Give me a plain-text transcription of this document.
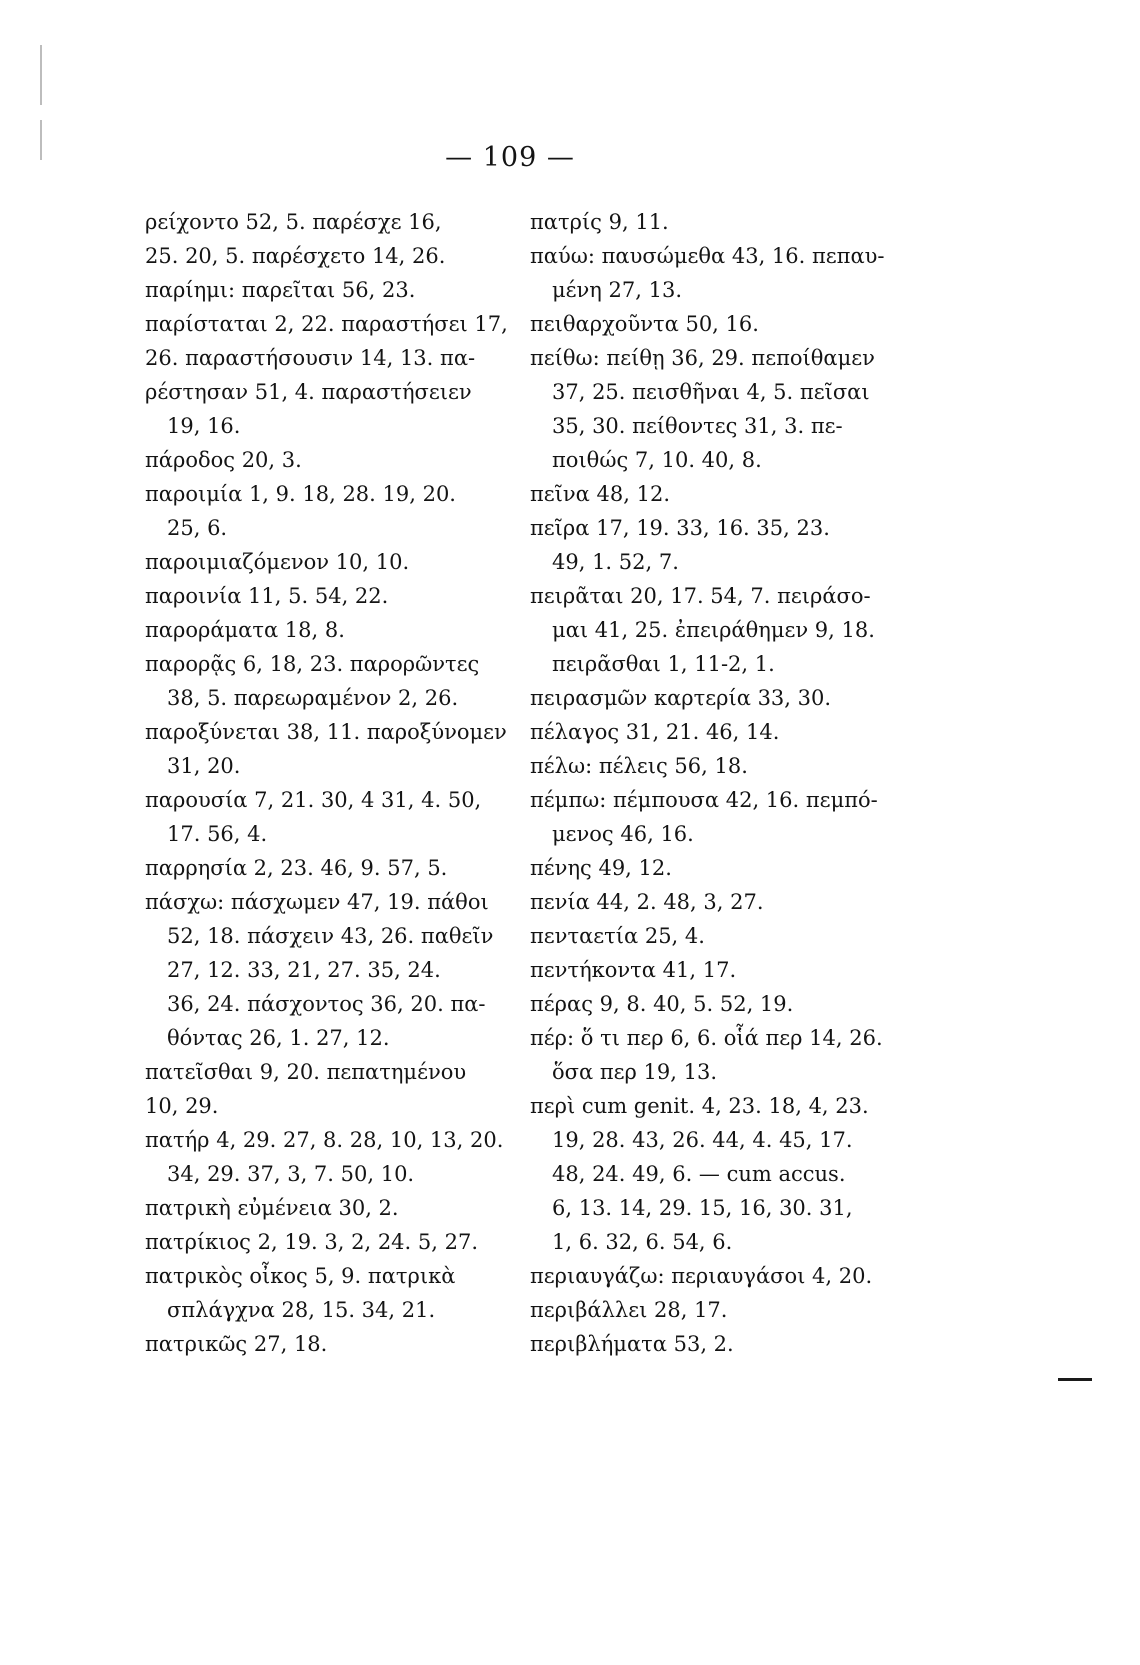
— 109 —
ρείχοντο 52, 5. παρέσχε 16,
25. 20, 5. παρέσχετο 14, 26.
παρίημι: παρεῖται 56, 23.
παρίσταται 2, 22. παραστήσει 17,
26. παραστήσουσιν 14, 13. πα-
ρέστησαν 51, 4. παραστήσειεν
19, 16.
πάροδος 20, 3.
παροιμία 1, 9. 18, 28. 19, 20.
25, 6.
παροιμιαζόμενον 10, 10.
παροινία 11, 5. 54, 22.
παροράματα 18, 8.
παρορᾷς 6, 18, 23. παρορῶντες
38, 5. παρεωραμένον 2, 26.
παροξύνεται 38, 11. παροξύνομεν
31, 20.
παρουσία 7, 21. 30, 4 31, 4. 50,
17. 56, 4.
παρρησία 2, 23. 46, 9. 57, 5.
πάσχω: πάσχωμεν 47, 19. πάθοι
52, 18. πάσχειν 43, 26. παθεῖν
27, 12. 33, 21, 27. 35, 24.
36, 24. πάσχοντος 36, 20. πα-
θόντας 26, 1. 27, 12.
πατεῖσθαι 9, 20. πεπατημένου
10, 29.
πατήρ 4, 29. 27, 8. 28, 10, 13, 20.
34, 29. 37, 3, 7. 50, 10.
πατρικὴ εὐμένεια 30, 2.
πατρίκιος 2, 19. 3, 2, 24. 5, 27.
πατρικὸς οἶκος 5, 9. πατρικὰ
σπλάγχνα 28, 15. 34, 21.
πατρικῶς 27, 18.
πατρίς 9, 11.
παύω: παυσώμεθα 43, 16. πεπαυ-
μένη 27, 13.
πειθαρχοῦντα 50, 16.
πείθω: πείθῃ 36, 29. πεποίθαμεν
37, 25. πεισθῆναι 4, 5. πεῖσαι
35, 30. πείθοντες 31, 3. πε-
ποιθώς 7, 10. 40, 8.
πεῖνα 48, 12.
πεῖρα 17, 19. 33, 16. 35, 23.
49, 1. 52, 7.
πειρᾶται 20, 17. 54, 7. πειράσο-
μαι 41, 25. ἐπειράθημεν 9, 18.
πειρᾶσθαι 1, 11-2, 1.
πειρασμῶν καρτερία 33, 30.
πέλαγος 31, 21. 46, 14.
πέλω: πέλεις 56, 18.
πέμπω: πέμπουσα 42, 16. πεμπό-
μενος 46, 16.
πένης 49, 12.
πενία 44, 2. 48, 3, 27.
πενταετία 25, 4.
πεντήκοντα 41, 17.
πέρας 9, 8. 40, 5. 52, 19.
πέρ: ὅ τι περ 6, 6. οἷά περ 14, 26.
ὅσα περ 19, 13.
περὶ cum genit. 4, 23. 18, 4, 23.
19, 28. 43, 26. 44, 4. 45, 17.
48, 24. 49, 6. — cum accus.
6, 13. 14, 29. 15, 16, 30. 31,
1, 6. 32, 6. 54, 6.
περιαυγάζω: περιαυγάσοι 4, 20.
περιβάλλει 28, 17.
περιβλήματα 53, 2.
